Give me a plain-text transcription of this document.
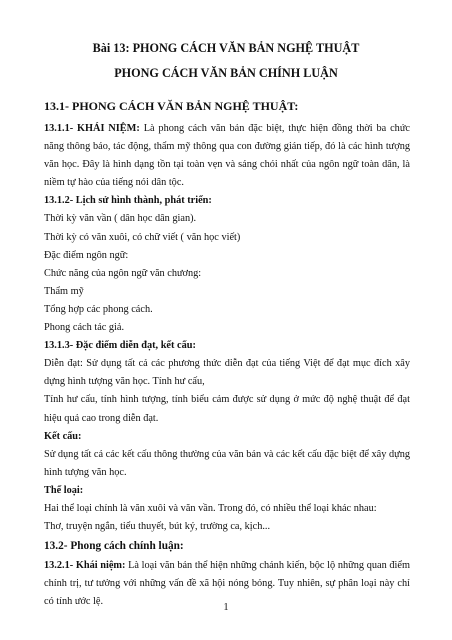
Bài 13: PHONG CÁCH VĂN BẢN NGHỆ THUẬT
PHONG CÁCH VĂN BẢN CHÍNH LUẬN
13.1- PHONG CÁCH VĂN BẢN NGHỆ THUẬT:

13.1.1- KHÁI NIỆM: Là phong cách văn bản đặc biệt, thực hiện đồng thời ba chức năng thông báo, tác động, thẩm mỹ thông qua con đường gián tiếp, đó là các hình tượng văn học. Đây là hình dạng tồn tại toàn vẹn và sáng chói nhất của ngôn ngữ toàn dân, là niềm tự hào của tiếng nói dân tộc.

13.1.2- Lịch sử hình thành, phát triển:

Thời kỳ văn vần ( dân học dân gian).

Thời kỳ có văn xuôi, có chữ viết ( văn học viết)

Đặc điểm ngôn ngữ:

Chức năng của ngôn ngữ văn chương:

Thẩm mỹ

Tổng hợp các phong cách.

Phong cách tác giả.

13.1.3- Đặc điểm diễn đạt, kết cấu:

Diễn đạt: Sử dụng tất cả các phương thức diễn đạt của tiếng Việt để đạt mục đích xây dựng hình tượng văn học. Tính hư cấu,

Tính hư cấu, tính hình tượng, tính biểu cảm được sử dụng ở mức độ nghệ thuật để đạt hiệu quả cao trong diễn đạt.

Kết cấu:

Sử dụng tất cả các kết cấu thông thường của văn bản và các kết cấu đặc biệt để xây dựng hình tượng văn học.

Thể loại:

Hai thể loại chính là văn xuôi và văn vần. Trong đó, có nhiều thể loại khác nhau:

Thơ, truyện ngắn, tiểu thuyết, bút ký, trường ca, kịch...

13.2- Phong cách chính luận:

13.2.1- Khái niệm: Là loại văn bản thể hiện những chánh kiến, bộc lộ những quan điểm chính trị, tư tưởng với những vấn đề xã hội nóng bỏng. Tuy nhiên, sự phân loại này chỉ có tính ước lệ.

1
